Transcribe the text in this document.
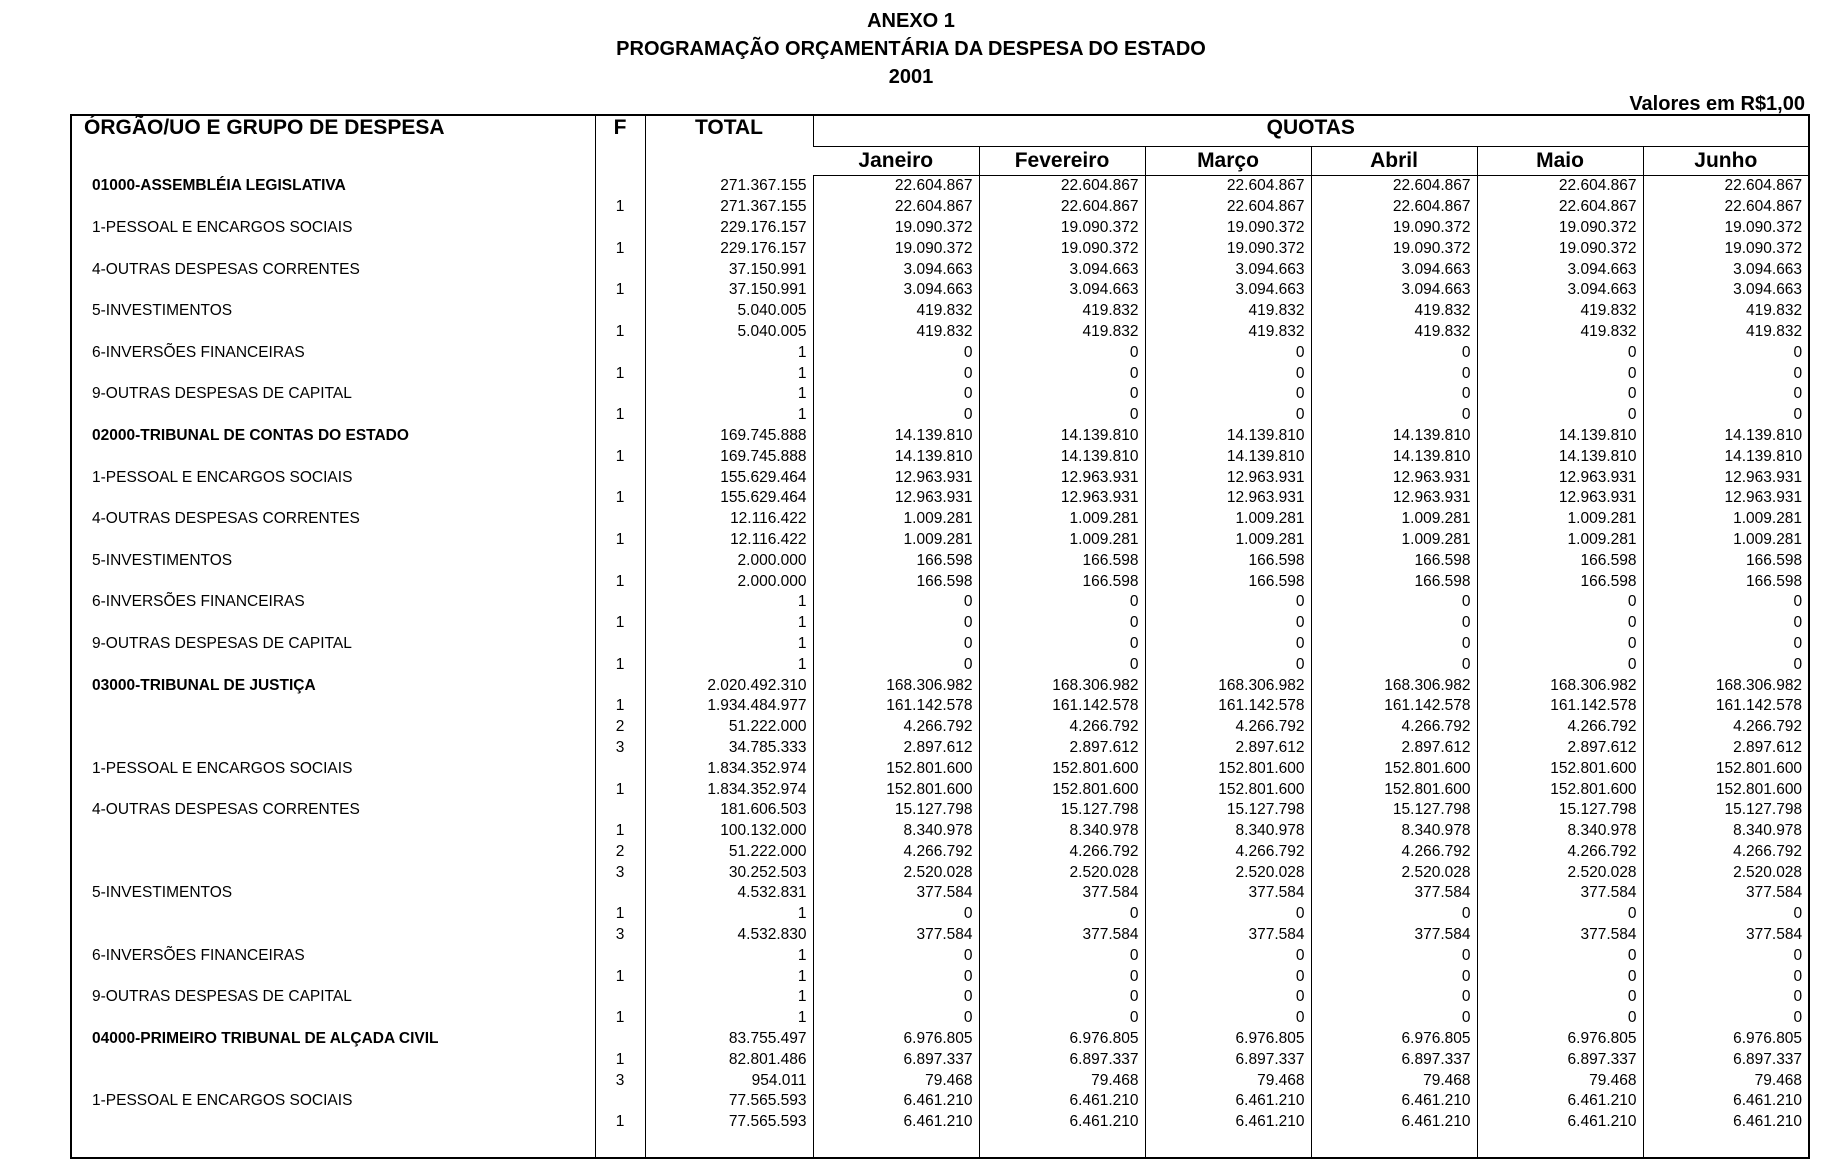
ANEXO 1
PROGRAMAÇÃO ORÇAMENTÁRIA DA DESPESA DO ESTADO
2001
Valores em R$1,00
ÓRGÃO/UO E GRUPO DE DESPESA	F	TOTAL	QUOTAS					
			Janeiro	Fevereiro	Março	Abril	Maio	Junho
01000-ASSEMBLÉIA LEGISLATIVA		271.367.155	22.604.867	22.604.867	22.604.867	22.604.867	22.604.867	22.604.867
	1	271.367.155	22.604.867	22.604.867	22.604.867	22.604.867	22.604.867	22.604.867
1-PESSOAL E ENCARGOS SOCIAIS		229.176.157	19.090.372	19.090.372	19.090.372	19.090.372	19.090.372	19.090.372
	1	229.176.157	19.090.372	19.090.372	19.090.372	19.090.372	19.090.372	19.090.372
4-OUTRAS DESPESAS CORRENTES		37.150.991	3.094.663	3.094.663	3.094.663	3.094.663	3.094.663	3.094.663
	1	37.150.991	3.094.663	3.094.663	3.094.663	3.094.663	3.094.663	3.094.663
5-INVESTIMENTOS		5.040.005	419.832	419.832	419.832	419.832	419.832	419.832
	1	5.040.005	419.832	419.832	419.832	419.832	419.832	419.832
6-INVERSÕES FINANCEIRAS		1	0	0	0	0	0	0
	1	1	0	0	0	0	0	0
9-OUTRAS DESPESAS DE CAPITAL		1	0	0	0	0	0	0
	1	1	0	0	0	0	0	0
02000-TRIBUNAL DE CONTAS DO ESTADO		169.745.888	14.139.810	14.139.810	14.139.810	14.139.810	14.139.810	14.139.810
	1	169.745.888	14.139.810	14.139.810	14.139.810	14.139.810	14.139.810	14.139.810
1-PESSOAL E ENCARGOS SOCIAIS		155.629.464	12.963.931	12.963.931	12.963.931	12.963.931	12.963.931	12.963.931
	1	155.629.464	12.963.931	12.963.931	12.963.931	12.963.931	12.963.931	12.963.931
4-OUTRAS DESPESAS CORRENTES		12.116.422	1.009.281	1.009.281	1.009.281	1.009.281	1.009.281	1.009.281
	1	12.116.422	1.009.281	1.009.281	1.009.281	1.009.281	1.009.281	1.009.281
5-INVESTIMENTOS		2.000.000	166.598	166.598	166.598	166.598	166.598	166.598
	1	2.000.000	166.598	166.598	166.598	166.598	166.598	166.598
6-INVERSÕES FINANCEIRAS		1	0	0	0	0	0	0
	1	1	0	0	0	0	0	0
9-OUTRAS DESPESAS DE CAPITAL		1	0	0	0	0	0	0
	1	1	0	0	0	0	0	0
03000-TRIBUNAL DE JUSTIÇA		2.020.492.310	168.306.982	168.306.982	168.306.982	168.306.982	168.306.982	168.306.982
	1	1.934.484.977	161.142.578	161.142.578	161.142.578	161.142.578	161.142.578	161.142.578
	2	51.222.000	4.266.792	4.266.792	4.266.792	4.266.792	4.266.792	4.266.792
	3	34.785.333	2.897.612	2.897.612	2.897.612	2.897.612	2.897.612	2.897.612
1-PESSOAL E ENCARGOS SOCIAIS		1.834.352.974	152.801.600	152.801.600	152.801.600	152.801.600	152.801.600	152.801.600
	1	1.834.352.974	152.801.600	152.801.600	152.801.600	152.801.600	152.801.600	152.801.600
4-OUTRAS DESPESAS CORRENTES		181.606.503	15.127.798	15.127.798	15.127.798	15.127.798	15.127.798	15.127.798
	1	100.132.000	8.340.978	8.340.978	8.340.978	8.340.978	8.340.978	8.340.978
	2	51.222.000	4.266.792	4.266.792	4.266.792	4.266.792	4.266.792	4.266.792
	3	30.252.503	2.520.028	2.520.028	2.520.028	2.520.028	2.520.028	2.520.028
5-INVESTIMENTOS		4.532.831	377.584	377.584	377.584	377.584	377.584	377.584
	1	1	0	0	0	0	0	0
	3	4.532.830	377.584	377.584	377.584	377.584	377.584	377.584
6-INVERSÕES FINANCEIRAS		1	0	0	0	0	0	0
	1	1	0	0	0	0	0	0
9-OUTRAS DESPESAS DE CAPITAL		1	0	0	0	0	0	0
	1	1	0	0	0	0	0	0
04000-PRIMEIRO TRIBUNAL DE ALÇADA CIVIL		83.755.497	6.976.805	6.976.805	6.976.805	6.976.805	6.976.805	6.976.805
	1	82.801.486	6.897.337	6.897.337	6.897.337	6.897.337	6.897.337	6.897.337
	3	954.011	79.468	79.468	79.468	79.468	79.468	79.468
1-PESSOAL E ENCARGOS SOCIAIS		77.565.593	6.461.210	6.461.210	6.461.210	6.461.210	6.461.210	6.461.210
	1	77.565.593	6.461.210	6.461.210	6.461.210	6.461.210	6.461.210	6.461.210
